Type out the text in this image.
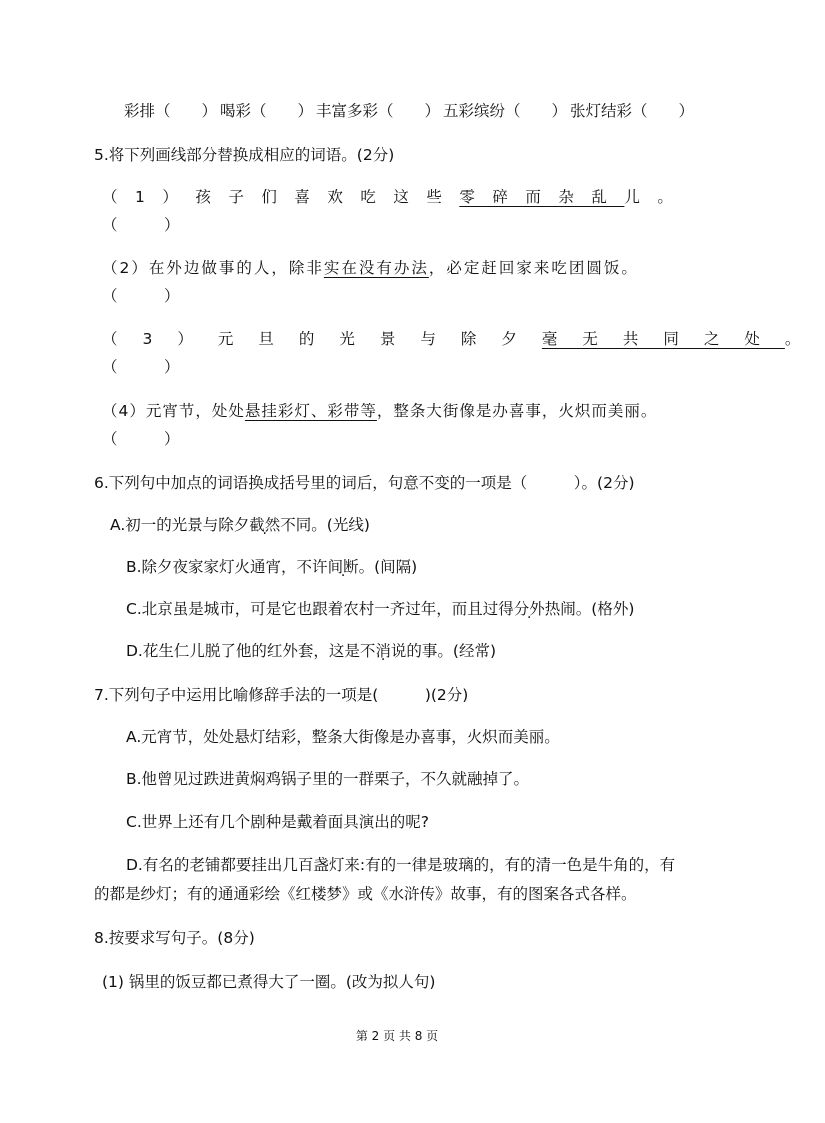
彩排（　　） 喝彩（　　） 丰富多彩（　　） 五彩缤纷（　　） 张灯结彩（　　）
5.将下列画线部分替换成相应的词语。(2分)
（1）孩子们喜欢吃这些零碎而杂乱儿。
（　　　）
（2）在外边做事的人，除非实在没有办法，必定赶回家来吃团圆饭。
（　　　）
（3）元旦的光景与除夕毫无共同之处。
（　　　）
（4）元宵节，处处悬挂彩灯、彩带等，整条大街像是办喜事，火炽而美丽。
（　　　）
6.下列句中加点的词语换成括号里的词后，句意不变的一项是（　　　）。(2分)
A.初一的光景与除夕截然不同。(光线)
B.除夕夜家家灯火通宵，不许间断。(间隔)
C.北京虽是城市，可是它也跟着农村一齐过年，而且过得分外热闹。(格外)
D.花生仁儿脱了他的红外套，这是不消说的事。(经常)
7.下列句子中运用比喻修辞手法的一项是(　　　)(2分)
A.元宵节，处处悬灯结彩，整条大街像是办喜事，火炽而美丽。
B.他曾见过跌进黄焖鸡锅子里的一群栗子，不久就融掉了。
C.世界上还有几个剧种是戴着面具演出的呢?
D.有名的老铺都要挂出几百盏灯来:有的一律是玻璃的，有的清一色是牛角的，有
的都是纱灯；有的通通彩绘《红楼梦》或《水浒传》故事，有的图案各式各样。
8.按要求写句子。(8分)
(1) 锅里的饭豆都已煮得大了一圈。(改为拟人句)
第 2 页 共 8 页
